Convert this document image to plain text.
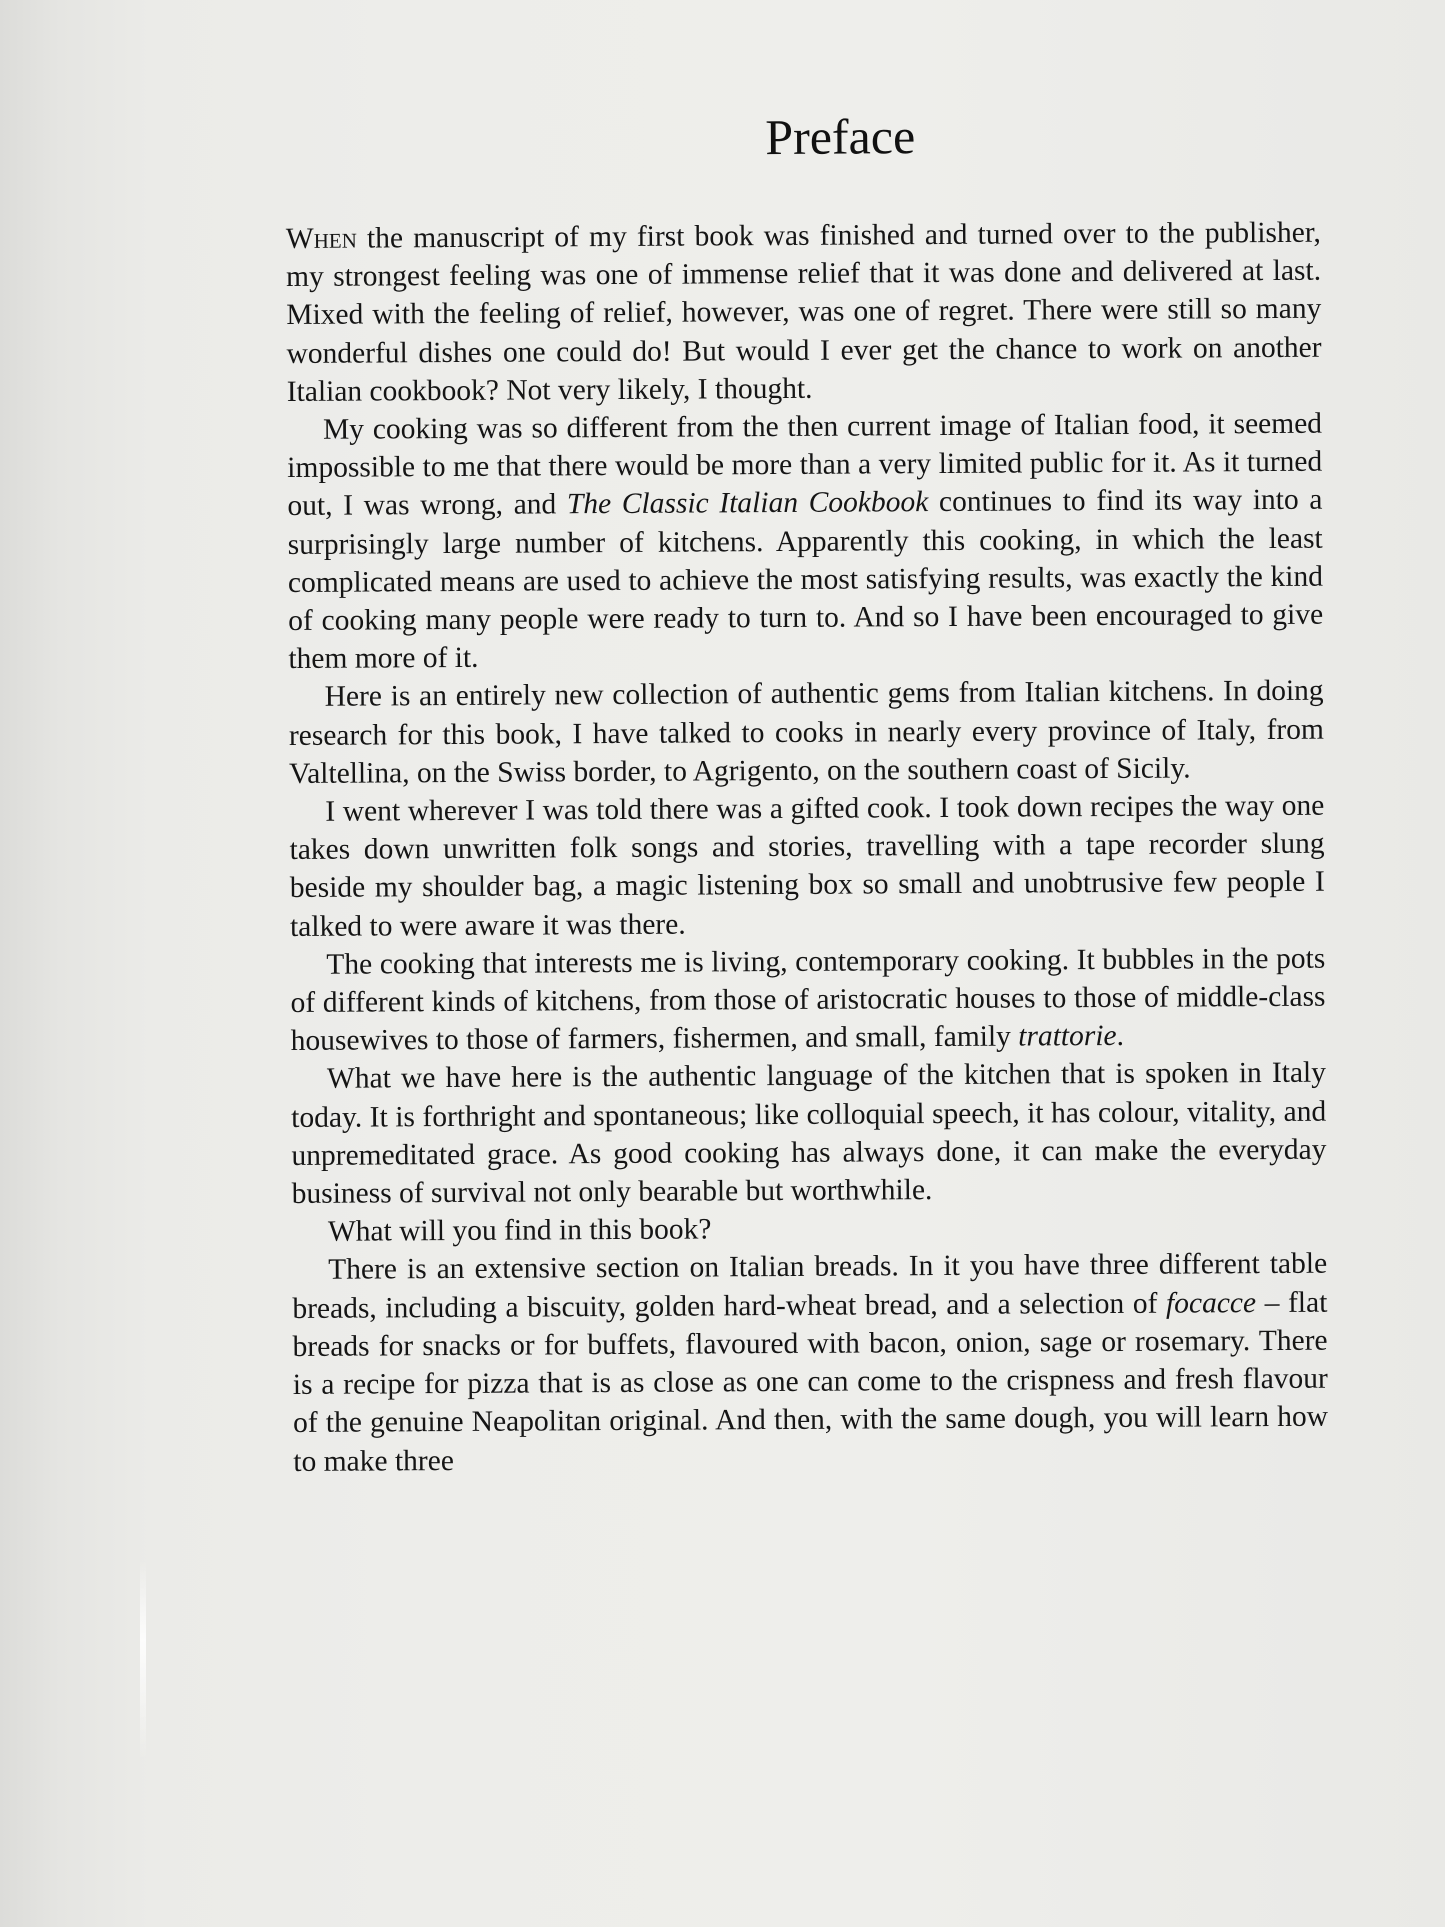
Preface

When the manuscript of my first book was finished and turned over to the publisher, my strongest feeling was one of immense relief that it was done and delivered at last. Mixed with the feeling of relief, however, was one of regret. There were still so many wonderful dishes one could do! But would I ever get the chance to work on another Italian cookbook? Not very likely, I thought.

My cooking was so different from the then current image of Italian food, it seemed impossible to me that there would be more than a very limited public for it. As it turned out, I was wrong, and The Classic Italian Cookbook continues to find its way into a surprisingly large number of kitchens. Apparently this cooking, in which the least complicated means are used to achieve the most satisfying results, was exactly the kind of cooking many people were ready to turn to. And so I have been encouraged to give them more of it.

Here is an entirely new collection of authentic gems from Italian kitchens. In doing research for this book, I have talked to cooks in nearly every province of Italy, from Valtellina, on the Swiss border, to Agrigento, on the southern coast of Sicily.

I went wherever I was told there was a gifted cook. I took down recipes the way one takes down unwritten folk songs and stories, travelling with a tape recorder slung beside my shoulder bag, a magic listening box so small and unobtrusive few people I talked to were aware it was there.

The cooking that interests me is living, contemporary cooking. It bubbles in the pots of different kinds of kitchens, from those of aristocratic houses to those of middle-class housewives to those of farmers, fishermen, and small, family trattorie.

What we have here is the authentic language of the kitchen that is spoken in Italy today. It is forthright and spontaneous; like colloquial speech, it has colour, vitality, and unpremeditated grace. As good cooking has always done, it can make the everyday business of survival not only bearable but worthwhile.

What will you find in this book?

There is an extensive section on Italian breads. In it you have three different table breads, including a biscuity, golden hard-wheat bread, and a selection of focacce – flat breads for snacks or for buffets, flavoured with bacon, onion, sage or rosemary. There is a recipe for pizza that is as close as one can come to the crispness and fresh flavour of the genuine Neapolitan original. And then, with the same dough, you will learn how to make three
